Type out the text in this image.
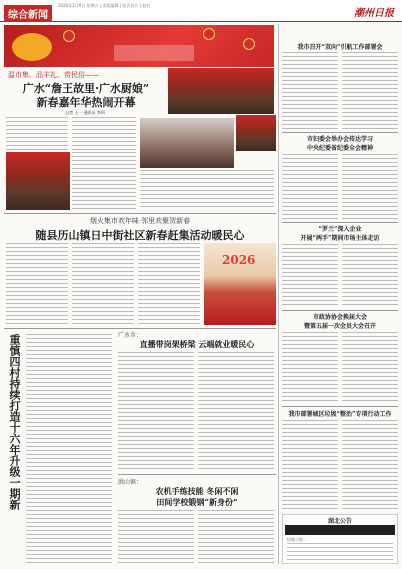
综合新闻
2026年2月6日 星期五 | 本版编辑 | 版式设计 | 校对
潮州日报
温市集、品丰礼、赏民俗——
广水“詹王故里·广水厨娘”
新春嘉年华热闹开幕
记者 王一 通讯员 李四
烟火集市欢年味 邻里欢聚贺新春
随县历山镇日中街社区新春赶集活动暖民心
2026
重慎四村持续打造十六年升级一期新	广水市：
直播带岗架桥梁 云端就业暖民心
洪山镇：
农机手练技能 冬闲不闲
田间学校锻钢“新身份”
我市召开“双向”引航工作部署会
市妇委会举办会传达学习
中央纪委省纪委全会精神
“罗兰”深入企业
开展“两手”期间市场主体走访
市政协协会换届大会
暨第五届一次会员大会召开
我市部署城区垃圾“整治”专项行动工作
湖北公告
招商工程 ·
